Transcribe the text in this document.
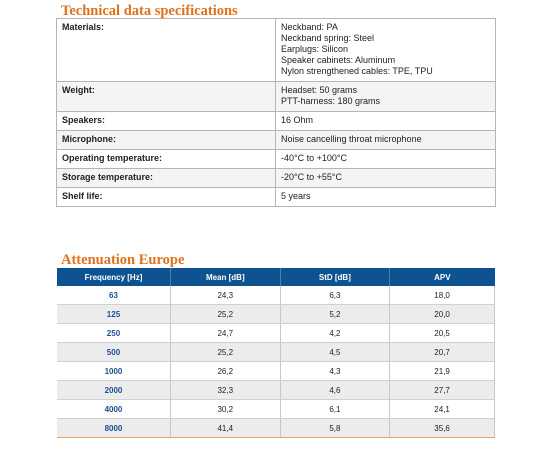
Technical data specifications
Materials:	Neckband: PA
Neckband spring: Steel
Earplugs: Silicon
Speaker cabinets: Aluminum
Nylon strengthened cables: TPE, TPU
Weight:	Headset: 50 grams
PTT-harness: 180 grams
Speakers:	16 Ohm
Microphone:	Noise cancelling throat microphone
Operating temperature:	-40°C to +100°C
Storage temperature:	-20°C to +55°C
Shelf life:	5 years
Attenuation Europe
Frequency [Hz]	Mean [dB]	StD [dB]	APV
63	24,3	6,3	18,0
125	25,2	5,2	20,0
250	24,7	4,2	20,5
500	25,2	4,5	20,7
1000	26,2	4,3	21,9
2000	32,3	4,6	27,7
4000	30,2	6,1	24,1
8000	41,4	5,8	35,6
